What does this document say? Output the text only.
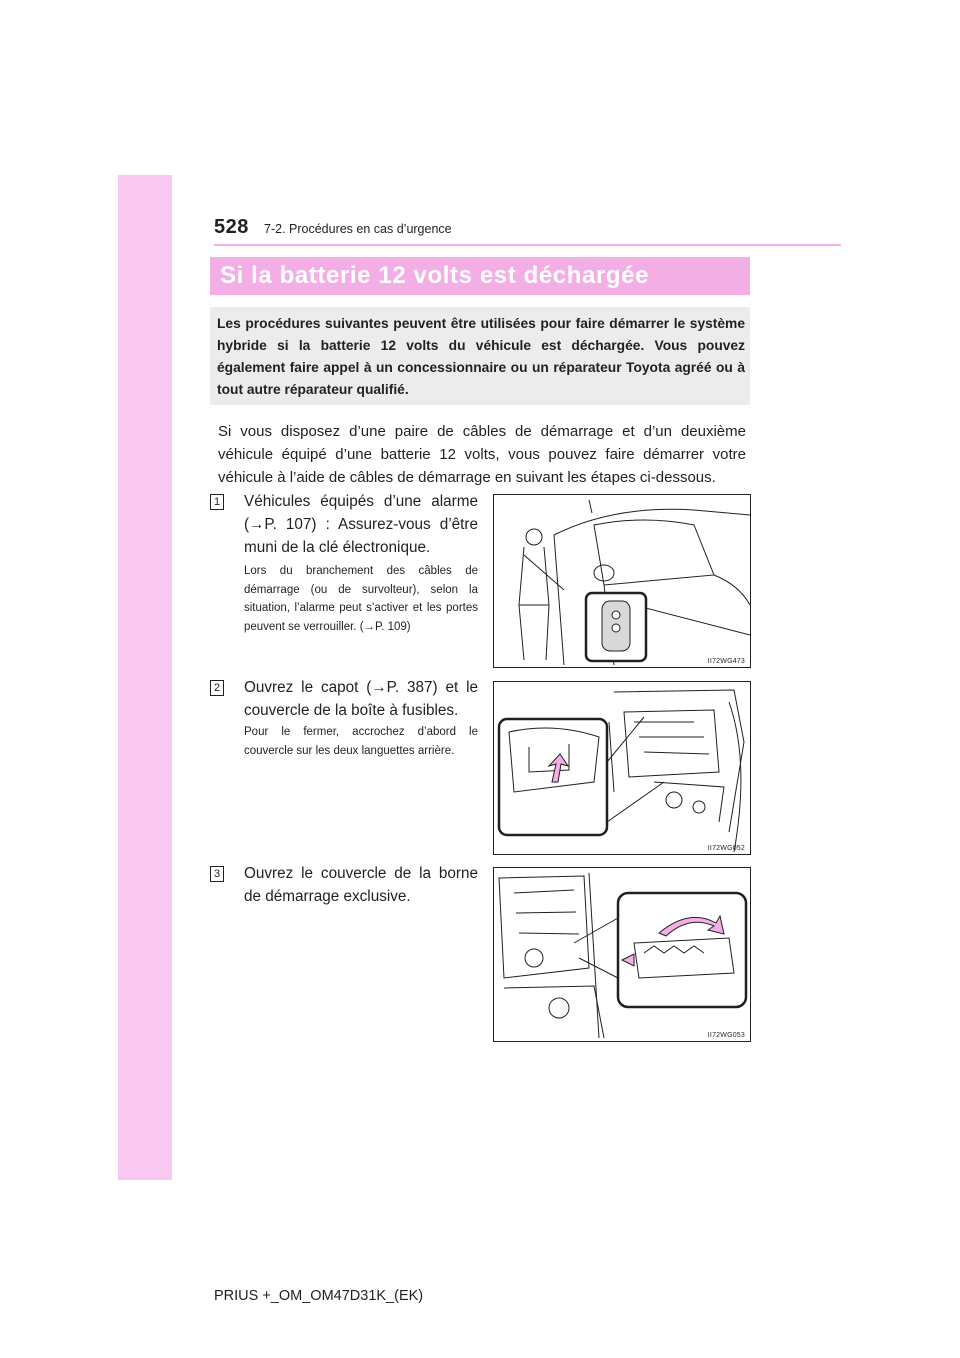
528 7-2. Procédures en cas d’urgence
Si la batterie 12 volts est déchargée

Les procédures suivantes peuvent être utilisées pour faire démarrer le système hybride si la batterie 12 volts du véhicule est déchargée. Vous pouvez également faire appel à un concessionnaire ou un réparateur Toyota agréé ou à tout autre réparateur qualifié.

Si vous disposez d’une paire de câbles de démarrage et d’un deuxième véhicule équipé d’une batterie 12 volts, vous pouvez faire démarrer votre véhicule à l’aide de câbles de démarrage en suivant les étapes ci-dessous.

1 Véhicules équipés d’une alarme (→P. 107) : Assurez-vous d’être muni de la clé électronique.

Lors du branchement des câbles de démarrage (ou de survolteur), selon la situation, l’alarme peut s’activer et les portes peuvent se verrouiller. (→P. 109)

II72WG473
2 Ouvrez le capot (→P. 387) et le couvercle de la boîte à fusibles.

Pour le fermer, accrochez d’abord le couvercle sur les deux languettes arrière.

II72WG052
3 Ouvrez le couvercle de la borne de démarrage exclusive.

II72WG053
PRIUS +_OM_OM47D31K_(EK)
